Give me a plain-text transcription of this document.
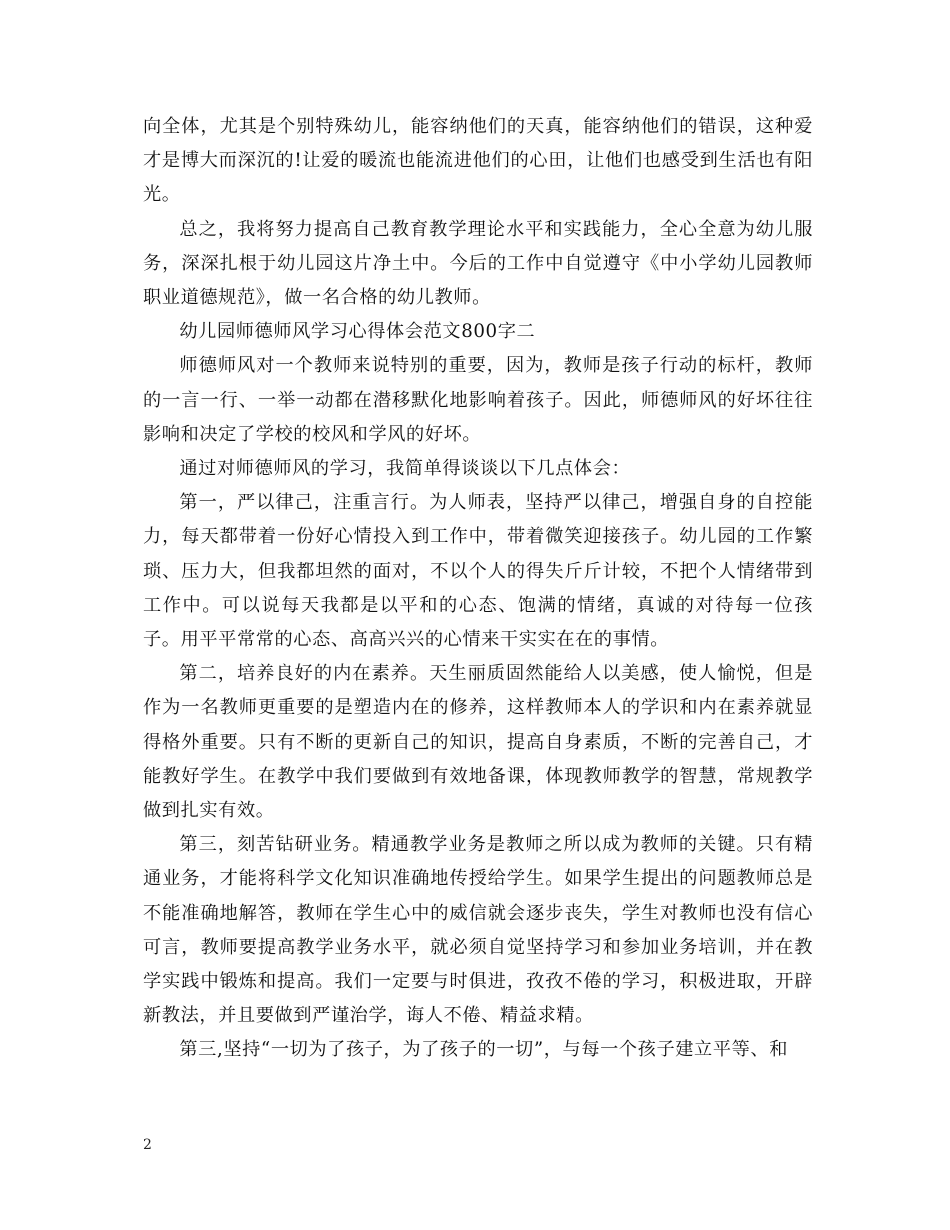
向全体，尤其是个别特殊幼儿，能容纳他们的天真，能容纳他们的错误，这种爱才是博大而深沉的!让爱的暖流也能流进他们的心田，让他们也感受到生活也有阳光。

总之，我将努力提高自己教育教学理论水平和实践能力，全心全意为幼儿服务，深深扎根于幼儿园这片净土中。今后的工作中自觉遵守《中小学幼儿园教师职业道德规范》，做一名合格的幼儿教师。

幼儿园师德师风学习心得体会范文800字二

师德师风对一个教师来说特别的重要，因为，教师是孩子行动的标杆，教师的一言一行、一举一动都在潜移默化地影响着孩子。因此，师德师风的好坏往往影响和决定了学校的校风和学风的好坏。

通过对师德师风的学习，我简单得谈谈以下几点体会：

第一，严以律己，注重言行。为人师表，坚持严以律己，增强自身的自控能力，每天都带着一份好心情投入到工作中，带着微笑迎接孩子。幼儿园的工作繁琐、压力大，但我都坦然的面对，不以个人的得失斤斤计较，不把个人情绪带到工作中。可以说每天我都是以平和的心态、饱满的情绪，真诚的对待每一位孩子。用平平常常的心态、高高兴兴的心情来干实实在在的事情。

第二，培养良好的内在素养。天生丽质固然能给人以美感，使人愉悦，但是作为一名教师更重要的是塑造内在的修养，这样教师本人的学识和内在素养就显得格外重要。只有不断的更新自己的知识，提高自身素质，不断的完善自己，才能教好学生。在教学中我们要做到有效地备课，体现教师教学的智慧，常规教学做到扎实有效。

第三，刻苦钻研业务。精通教学业务是教师之所以成为教师的关键。只有精通业务，才能将科学文化知识准确地传授给学生。如果学生提出的问题教师总是不能准确地解答，教师在学生心中的威信就会逐步丧失，学生对教师也没有信心可言，教师要提高教学业务水平，就必须自觉坚持学习和参加业务培训，并在教学实践中锻炼和提高。我们一定要与时俱进，孜孜不倦的学习，积极进取，开辟新教法，并且要做到严谨治学，诲人不倦、精益求精。

第三,坚持“一切为了孩子，为了孩子的一切”，与每一个孩子建立平等、和

2
